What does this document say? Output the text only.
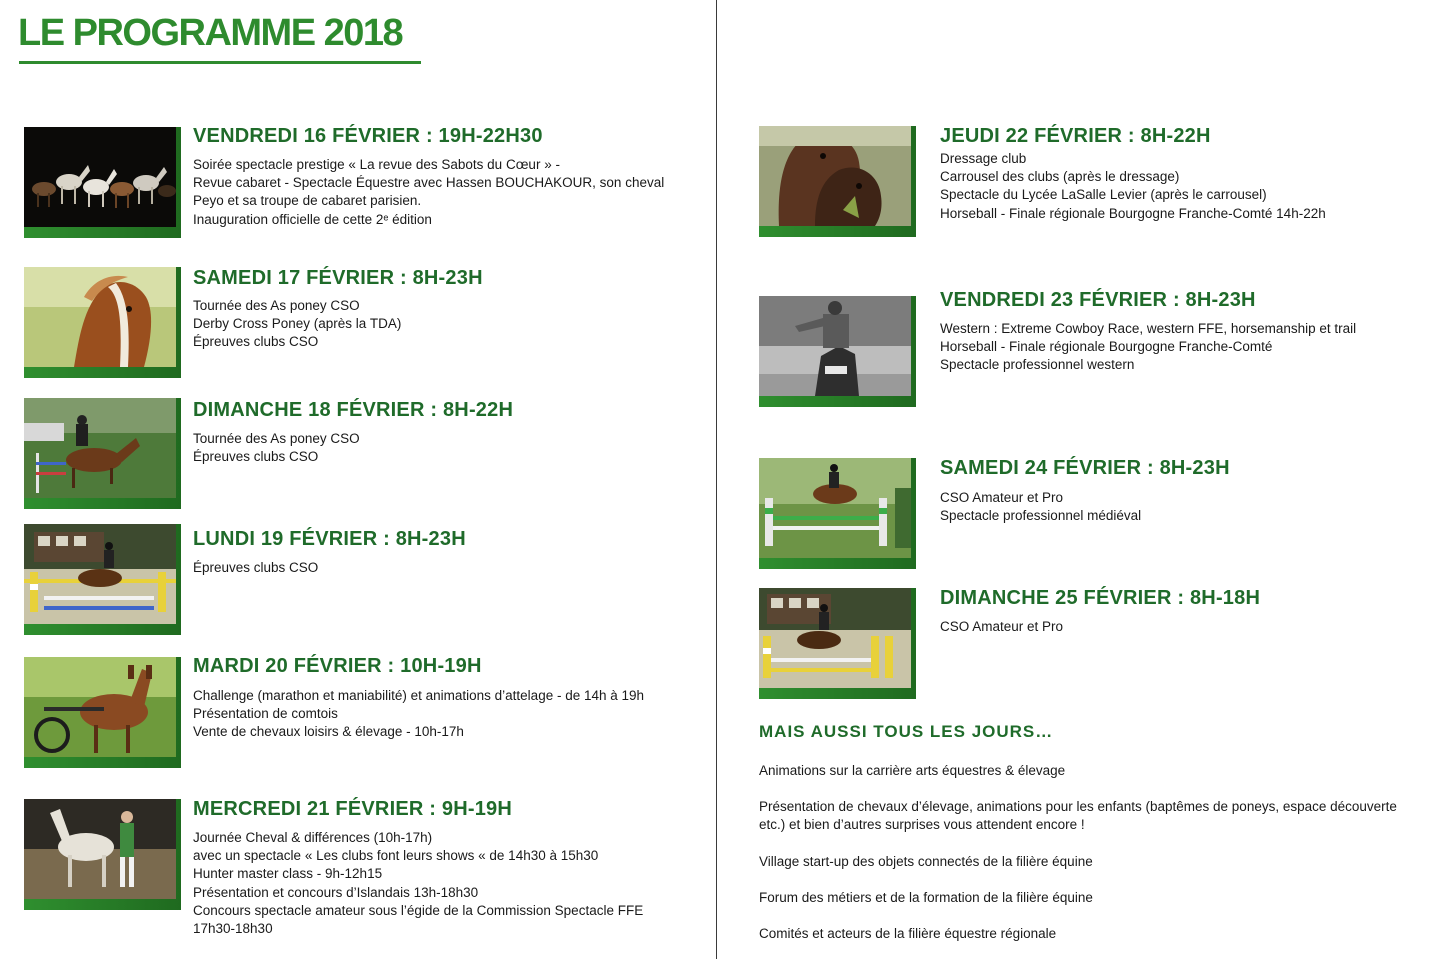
LE PROGRAMME 2018
VENDREDI 16 FÉVRIER : 19H-22H30
Soirée spectacle prestige « La revue des Sabots du Cœur » -
Revue cabaret - Spectacle Équestre avec Hassen BOUCHAKOUR, son cheval
Peyo et sa troupe de cabaret parisien.
Inauguration officielle de cette 2ᵉ édition
SAMEDI 17 FÉVRIER : 8H-23H
Tournée des As poney CSO
Derby Cross Poney (après la TDA)
Épreuves clubs CSO
DIMANCHE 18 FÉVRIER : 8H-22H
Tournée des As poney CSO
Épreuves clubs CSO
LUNDI 19 FÉVRIER : 8H-23H
Épreuves clubs CSO
MARDI 20 FÉVRIER : 10H-19H
Challenge (marathon et maniabilité) et animations d’attelage - de 14h à 19h
Présentation de comtois
Vente de chevaux loisirs & élevage - 10h-17h
MERCREDI 21 FÉVRIER : 9H-19H
Journée Cheval & différences (10h-17h)
avec un spectacle « Les clubs font leurs shows « de 14h30 à 15h30
Hunter master class - 9h-12h15
Présentation et concours d’Islandais 13h-18h30
Concours spectacle amateur sous l’égide de la Commission Spectacle FFE
17h30-18h30
JEUDI 22 FÉVRIER : 8H-22H
Dressage club
Carrousel des clubs (après le dressage)
Spectacle du Lycée LaSalle Levier (après le carrousel)
Horseball - Finale régionale Bourgogne Franche-Comté 14h-22h
VENDREDI 23 FÉVRIER : 8H-23H
Western : Extreme Cowboy Race, western FFE, horsemanship et trail
Horseball - Finale régionale Bourgogne Franche-Comté
Spectacle professionnel western
SAMEDI 24 FÉVRIER : 8H-23H
CSO Amateur et Pro
Spectacle professionnel médiéval
DIMANCHE 25 FÉVRIER : 8H-18H
CSO Amateur et Pro
MAIS AUSSI TOUS LES JOURS…
Animations sur la carrière arts équestres & élevage
Présentation de chevaux d’élevage, animations pour les enfants (baptêmes de poneys, espace découverte etc.) et bien d’autres surprises vous attendent encore !
Village start-up des objets connectés de la filière équine
Forum des métiers et de la formation de la filière équine
Comités et acteurs de la filière équestre régionale
